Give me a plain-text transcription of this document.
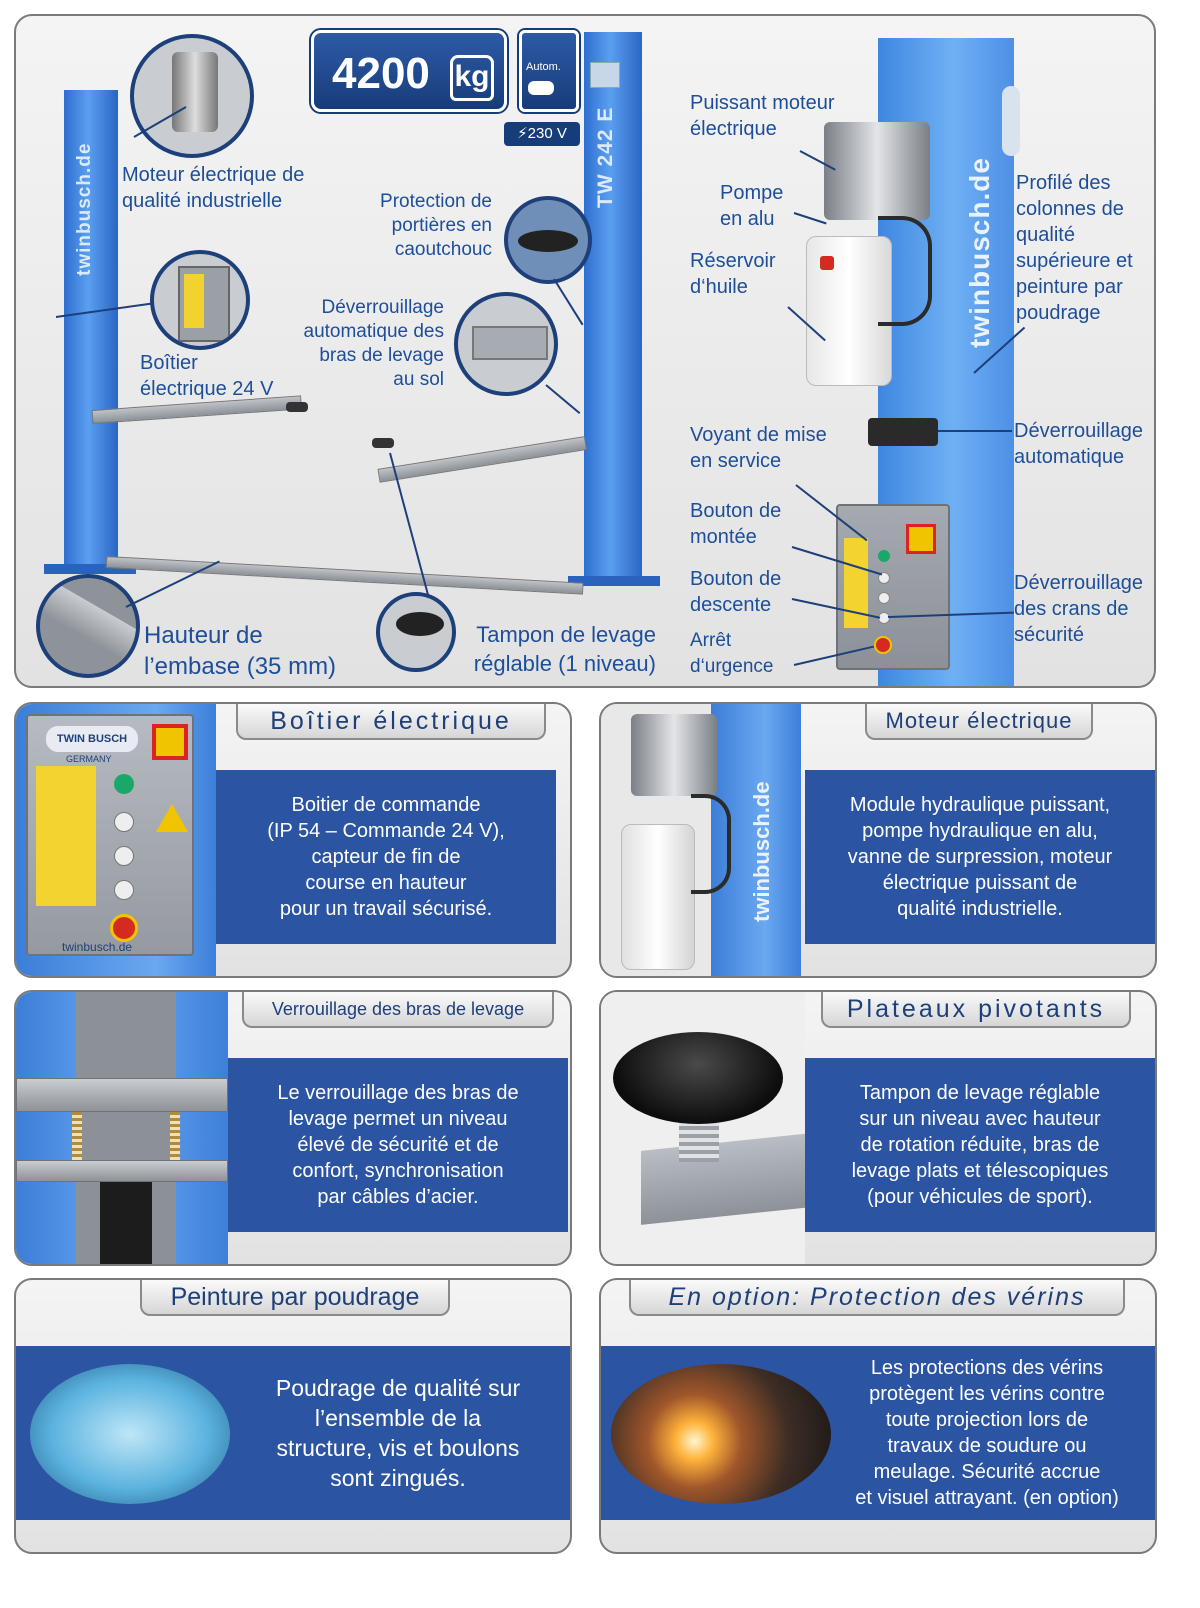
twinbusch.de	TW 242 E
4200 kg	Autom.
⚡230 V
Moteur électrique de
qualité industrielle	Protection de
portières en
caoutchouc
Déverrouillage
automatique des
bras de levage
au sol
Boîtier
électrique 24 V
Hauteur de
l’embase (35 mm)
Tampon de levage
réglable (1 niveau)
twinbusch.de
Puissant moteur
électrique
Pompe
en alu
Réservoir
d‘huile
Profilé des
colonnes de
qualité
supérieure et
peinture par
poudrage
Déverrouillage
automatique
Voyant de mise
en service
Bouton de
montée
Bouton de
descente
Déverrouillage
des crans de
sécurité
Arrêt
d‘urgence
TWIN BUSCH
GERMANY
twinbusch.de
Boîtier électrique
Boitier de commande
(IP 54 – Commande 24 V),
capteur de fin de
course en hauteur
pour un travail sécurisé.	twinbusch.de
Moteur électrique
Module hydraulique puissant,
pompe hydraulique en alu,
vanne de surpression, moteur
électrique puissant de
qualité industrielle.
Verrouillage des bras de levage
Le verrouillage des bras de
levage permet un niveau
élevé de sécurité et de
confort, synchronisation
par câbles d’acier.
Plateaux pivotants
Tampon de levage réglable
sur un niveau avec hauteur
de rotation réduite, bras de
levage plats et télescopiques
(pour véhicules de sport).
Peinture par poudrage
Poudrage de qualité sur
l’ensemble de la
structure, vis et boulons
sont zingués.
En option: Protection des vérins
Les protections des vérins
protègent les vérins contre
toute projection lors de
travaux de soudure ou
meulage. Sécurité accrue
et visuel attrayant. (en option)
